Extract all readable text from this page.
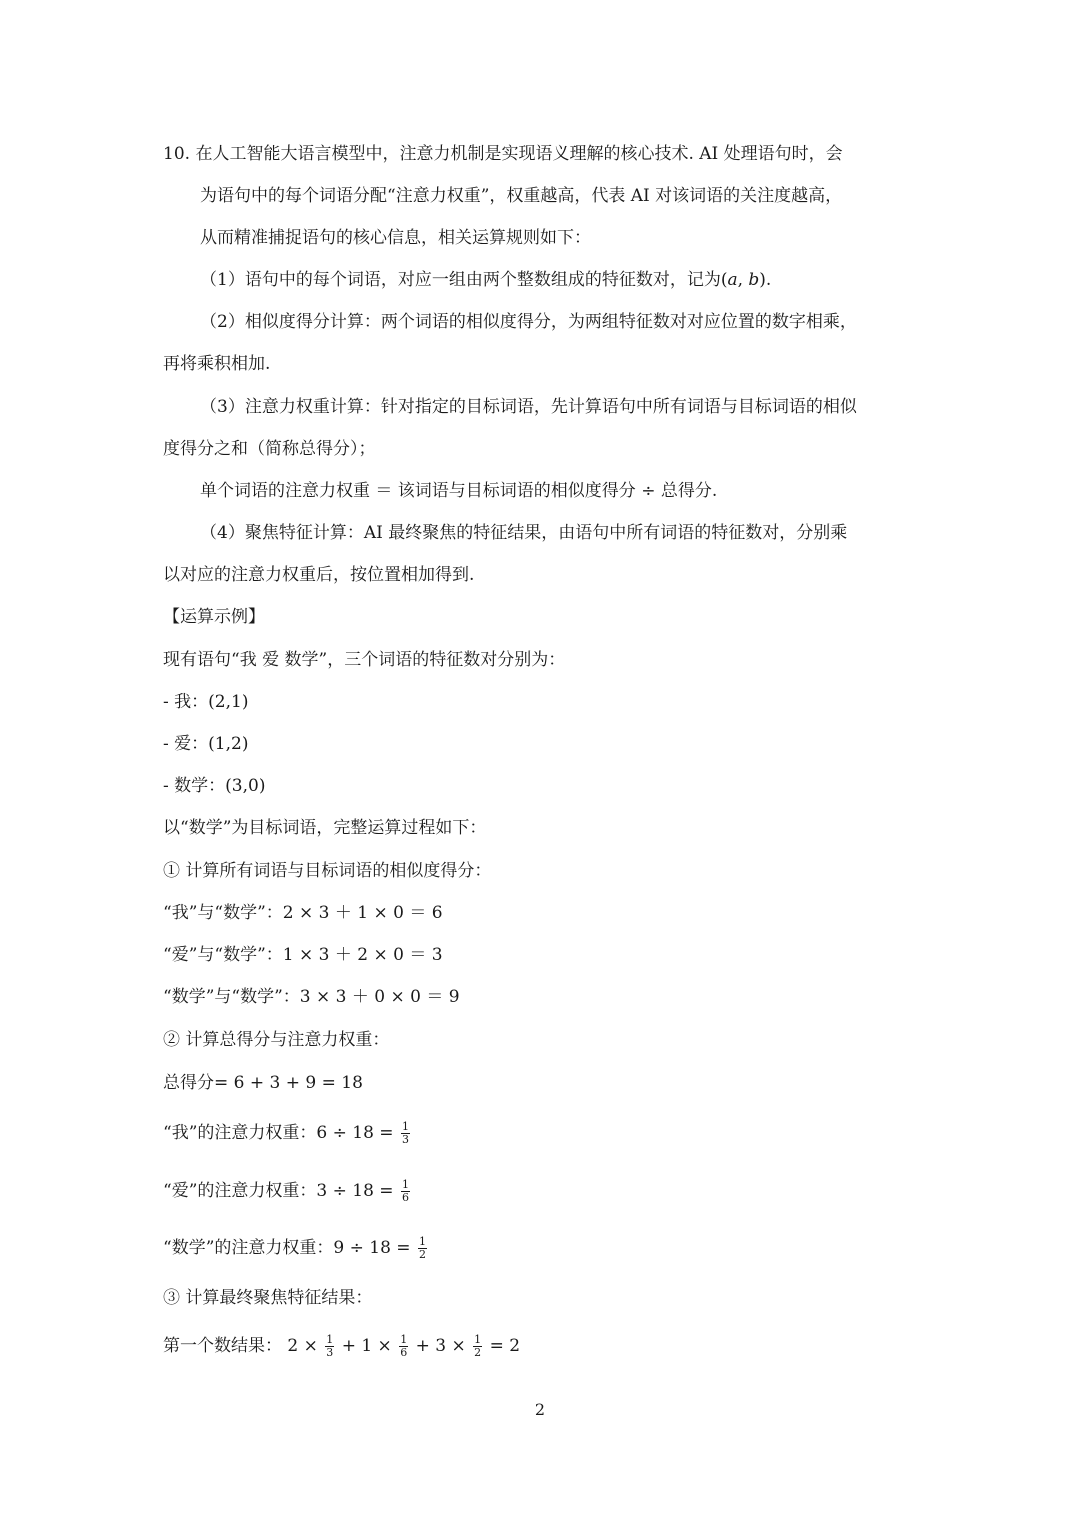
10. 在人工智能大语言模型中，注意力机制是实现语义理解的核心技术. AI 处理语句时，会
为语句中的每个词语分配“注意力权重”，权重越高，代表 AI 对该词语的关注度越高，
从而精准捕捉语句的核心信息，相关运算规则如下：
（1）语句中的每个词语，对应一组由两个整数组成的特征数对，记为(𝑎, 𝑏).
（2）相似度得分计算：两个词语的相似度得分，为两组特征数对对应位置的数字相乘，
再将乘积相加.
（3）注意力权重计算：针对指定的目标词语，先计算语句中所有词语与目标词语的相似
度得分之和（简称总得分）；
单个词语的注意力权重 ＝ 该词语与目标词语的相似度得分 ÷ 总得分.
（4）聚焦特征计算：AI 最终聚焦的特征结果，由语句中所有词语的特征数对，分别乘
以对应的注意力权重后，按位置相加得到.
【运算示例】
现有语句“我 爱 数学”，三个词语的特征数对分别为：
- 我：(2,1)
- 爱：(1,2)
- 数学：(3,0)
以“数学”为目标词语，完整运算过程如下：
① 计算所有词语与目标词语的相似度得分：
“我”与“数学”：2 × 3 ＋ 1 × 0 ＝ 6
“爱”与“数学”：1 × 3 ＋ 2 × 0 ＝ 3
“数学”与“数学”：3 × 3 ＋ 0 × 0 ＝ 9
② 计算总得分与注意力权重：
总得分= 6 + 3 + 9 = 18
“我”的注意力权重：$6 \div 18 = \frac{1}{3}$
“爱”的注意力权重：$3 \div 18 = \frac{1}{6}$
“数学”的注意力权重：$9 \div 18 = \frac{1}{2}$
③ 计算最终聚焦特征结果：
第一个数结果： $2 \times \frac{1}{3} + 1 \times \frac{1}{6} + 3 \times \frac{1}{2} = 2$
2
